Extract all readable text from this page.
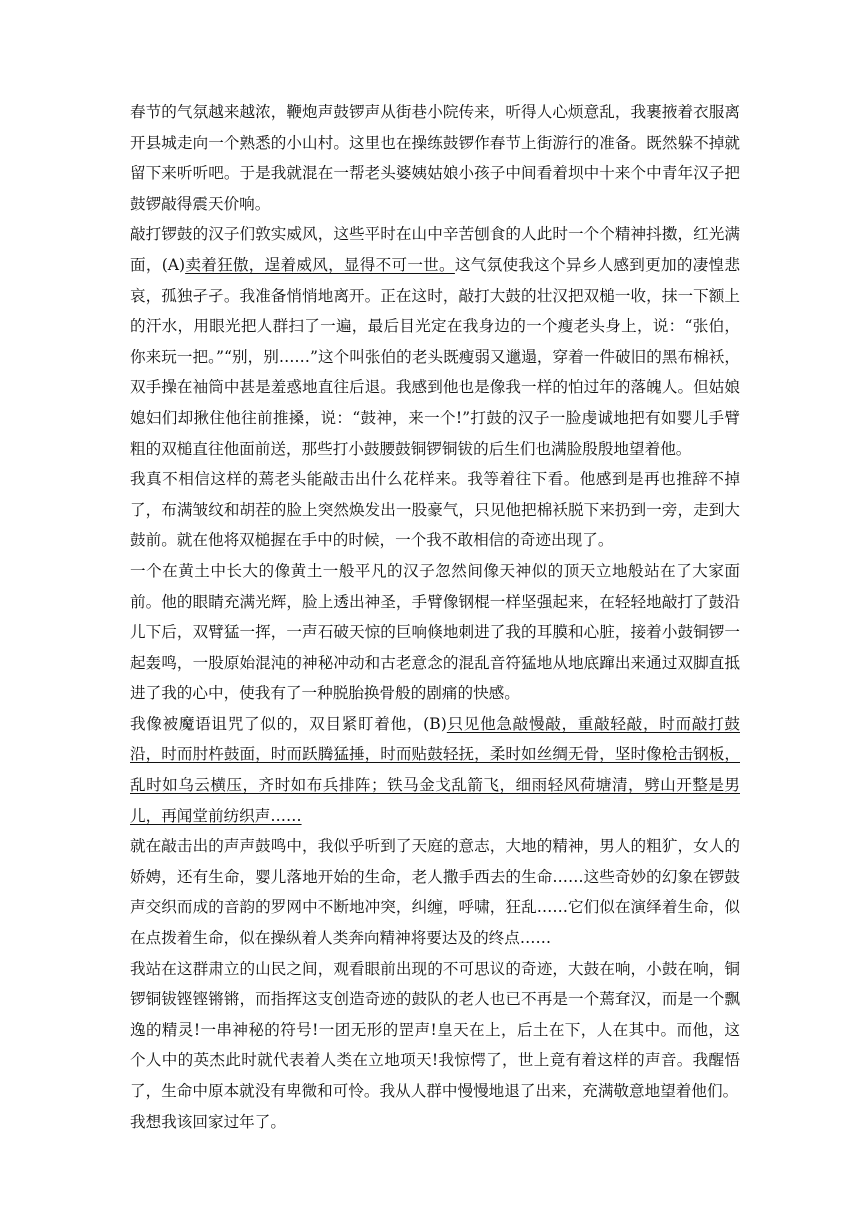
春节的气氛越来越浓，鞭炮声鼓锣声从街巷小院传来，听得人心烦意乱，我裹掖着衣服离开县城走向一个熟悉的小山村。这里也在操练鼓锣作春节上街游行的准备。既然躲不掉就留下来听听吧。于是我就混在一帮老头婆姨姑娘小孩子中间看着坝中十来个中青年汉子把鼓锣敲得震天价响。

敲打锣鼓的汉子们敦实威风，这些平时在山中辛苦刨食的人此时一个个精神抖擞，红光满面，(A)卖着狂傲，逞着威风，显得不可一世。这气氛使我这个异乡人感到更加的凄惶悲哀，孤独孑孑。我准备悄悄地离开。正在这时，敲打大鼓的壮汉把双槌一收，抹一下额上的汗水，用眼光把人群扫了一遍，最后目光定在我身边的一个瘦老头身上，说：“张伯，你来玩一把。”“别，别……”这个叫张伯的老头既瘦弱又邋遢，穿着一件破旧的黑布棉袄，双手操在袖筒中甚是羞惑地直往后退。我感到他也是像我一样的怕过年的落魄人。但姑娘媳妇们却揪住他往前推搡，说：“鼓神，来一个!”打鼓的汉子一脸虔诚地把有如婴儿手臂粗的双槌直往他面前送，那些打小鼓腰鼓铜锣铜钹的后生们也满脸殷殷地望着他。

我真不相信这样的蔫老头能敲击出什么花样来。我等着往下看。他感到是再也推辞不掉了，布满皱纹和胡茬的脸上突然焕发出一股豪气，只见他把棉袄脱下来扔到一旁，走到大鼓前。就在他将双槌握在手中的时候，一个我不敢相信的奇迹出现了。

一个在黄土中长大的像黄土一般平凡的汉子忽然间像天神似的顶天立地般站在了大家面前。他的眼睛充满光辉，脸上透出神圣，手臂像钢棍一样坚强起来，在轻轻地敲打了鼓沿儿下后，双臂猛一挥，一声石破天惊的巨响倏地刺进了我的耳膜和心脏，接着小鼓铜锣一起轰鸣，一股原始混沌的神秘冲动和古老意念的混乱音符猛地从地底蹿出来通过双脚直抵进了我的心中，使我有了一种脱胎换骨般的剧痛的快感。

我像被魔语诅咒了似的，双目紧盯着他，(B)只见他急敲慢敲，重敲轻敲，时而敲打鼓沿，时而肘杵鼓面，时而跃腾猛捶，时而贴鼓轻抚，柔时如丝绸无骨，坚时像枪击钢板，乱时如乌云横压，齐时如布兵排阵；铁马金戈乱箭飞，细雨轻风荷塘清，劈山开整是男儿，再闻堂前纺织声……

就在敲击出的声声鼓鸣中，我似乎听到了天庭的意志，大地的精神，男人的粗犷，女人的娇娉，还有生命，婴儿落地开始的生命，老人撒手西去的生命……这些奇妙的幻象在锣鼓声交织而成的音韵的罗网中不断地冲突，纠缠，呼啸，狂乱……它们似在演绎着生命，似在点拨着生命，似在操纵着人类奔向精神将要达及的终点……

我站在这群肃立的山民之间，观看眼前出现的不可思议的奇迹，大鼓在响，小鼓在响，铜锣铜钹铿铿锵锵，而指挥这支创造奇迹的鼓队的老人也已不再是一个蔫耷汉，而是一个飘逸的精灵!一串神秘的符号!一团无形的罡声!皇天在上，后土在下，人在其中。而他，这个人中的英杰此时就代表着人类在立地项天!我惊愕了，世上竟有着这样的声音。我醒悟了，生命中原本就没有卑微和可怜。我从人群中慢慢地退了出来，充满敬意地望着他们。

我想我该回家过年了。
